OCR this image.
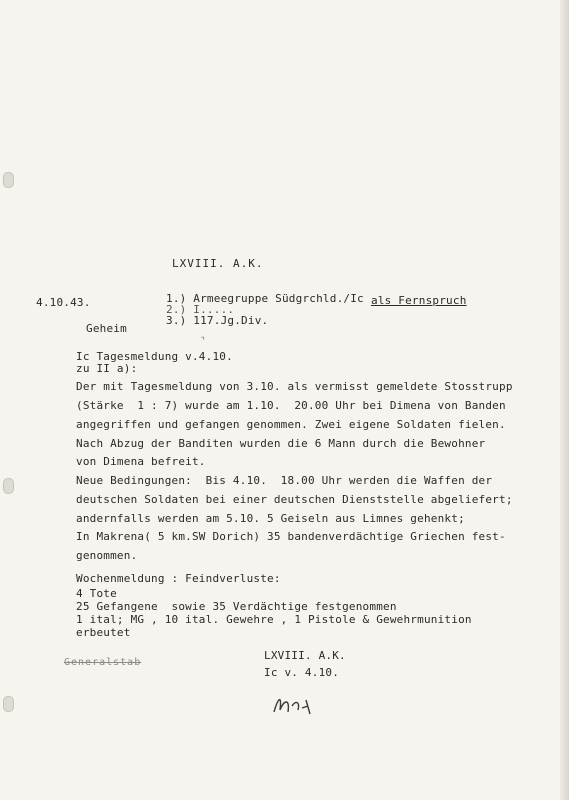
LXVIII. A.K.
4.10.43.	1.) Armeegruppe Südgrchld./Ic
2.) I.....
3.) 117.Jg.Div.
als Fernspruch
Geheim
⌝
Ic Tagesmeldung v.4.10.
zu II a):
Der mit Tagesmeldung von 3.10. als vermisst gemeldete Stosstrupp
(Stärke  1 : 7) wurde am 1.10.  20.00 Uhr bei Dimena von Banden
angegriffen und gefangen genommen. Zwei eigene Soldaten fielen.
Nach Abzug der Banditen wurden die 6 Mann durch die Bewohner
von Dimena befreit.
Neue Bedingungen:  Bis 4.10.  18.00 Uhr werden die Waffen der
deutschen Soldaten bei einer deutschen Dienststelle abgeliefert;
andernfalls werden am 5.10. 5 Geiseln aus Limnes gehenkt;
In Makrena( 5 km.SW Dorich) 35 bandenverdächtige Griechen fest-
genommen.
Wochenmeldung : Feindverluste:
4 Tote
25 Gefangene  sowie 35 Verdächtige festgenommen
1 ital; MG , 10 ital. Gewehre , 1 Pistole & Gewehrmunition
erbeutet
Generalstab
LXVIII. A.K.
Ic v. 4.10.
